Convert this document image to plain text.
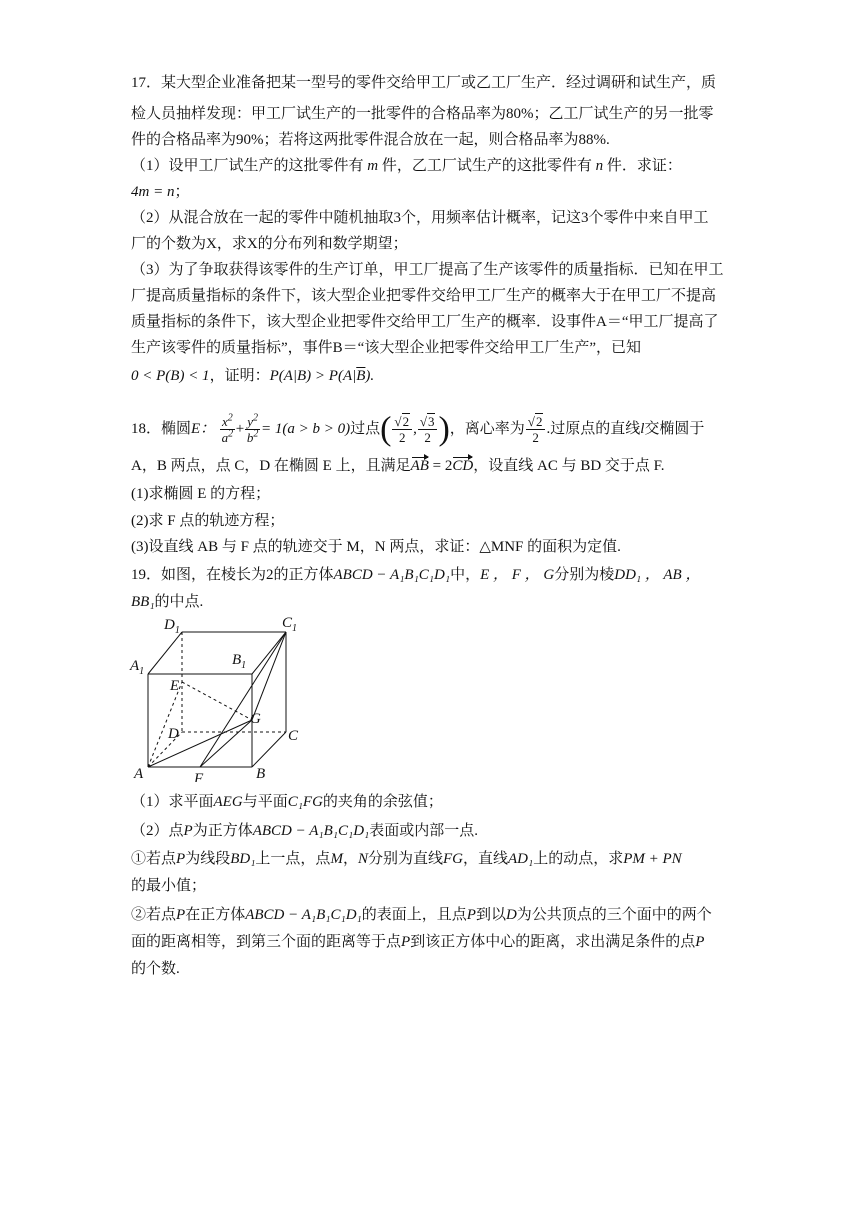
17．某大型企业准备把某一型号的零件交给甲工厂或乙工厂生产．经过调研和试生产，质
检人员抽样发现：甲工厂试生产的一批零件的合格品率为80%；乙工厂试生产的另一批零
件的合格品率为90%；若将这两批零件混合放在一起，则合格品率为88%.
（1）设甲工厂试生产的这批零件有 m 件，乙工厂试生产的这批零件有 n 件．求证：
4m = n；
（2）从混合放在一起的零件中随机抽取3个，用频率估计概率，记这3个零件中来自甲工
厂的个数为X，求X的分布列和数学期望；
（3）为了争取获得该零件的生产订单，甲工厂提高了生产该零件的质量指标．已知在甲工
厂提高质量指标的条件下，该大型企业把零件交给甲工厂生产的概率大于在甲工厂不提高
质量指标的条件下，该大型企业把零件交给甲工厂生产的概率．设事件A＝“甲工厂提高了
生产该零件的质量指标”，事件B＝“该大型企业把零件交给甲工厂生产”，已知
0 < P(B) < 1，证明：$P(A|B) > P(A|\overline{B})$.
18．椭圆E： $\frac{x^2}{a^2} + \frac{y^2}{b^2} = 1(a > b > 0)$过点( $\frac{√2}{2}$ , $\frac{√3}{2}$ )，离心率为 $\frac{√2}{2}$ .过原点的直线l交椭圆于
A，B 两点，点 C，D 在椭圆 E 上，且满足AB = 2CD，设直线 AC 与 BD 交于点 F.
(1)求椭圆 E 的方程；
(2)求 F 点的轨迹方程；
(3)设直线 AB 与 F 点的轨迹交于 M，N 两点，求证：△MNF 的面积为定值.
19．如图，在棱长为2的正方体ABCD − A₁B₁C₁D₁中，E ， F ， G分别为棱DD₁ ， AB ，
BB₁的中点.
A	B
C
D
$A_1$
$B_1$
$C_1$
$D_1$
E
F
G
（1）求平面AEG与平面C₁FG的夹角的余弦值；
（2）点P为正方体ABCD − A₁B₁C₁D₁表面或内部一点.
①若点P为线段BD₁上一点，点M，N分别为直线FG，直线AD₁上的动点，求PM + PN
的最小值；
②若点P在正方体ABCD − A₁B₁C₁D₁的表面上，且点P到以D为公共顶点的三个面中的两个
面的距离相等，到第三个面的距离等于点P到该正方体中心的距离，求出满足条件的点P
的个数.
